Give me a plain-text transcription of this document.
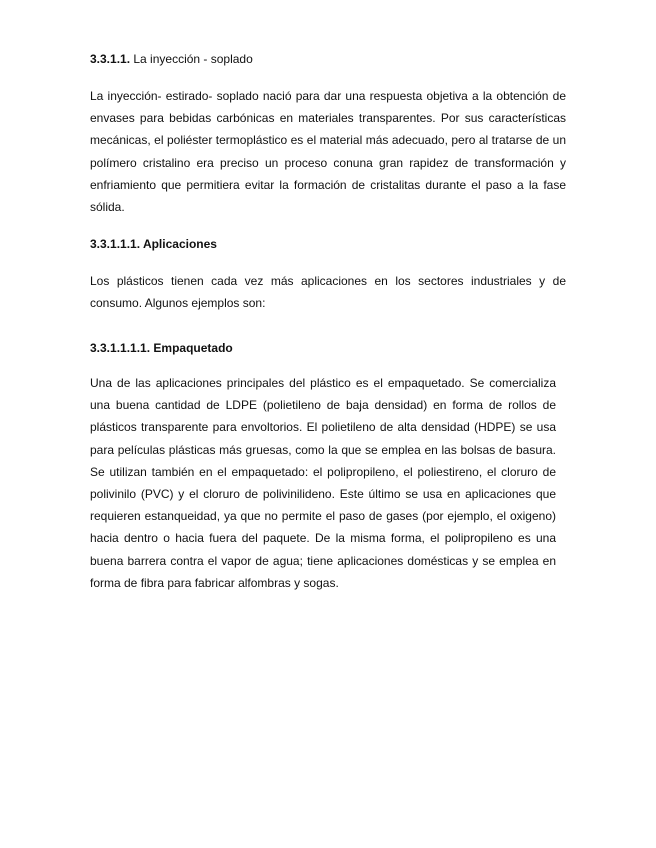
3.3.1.1. La inyección - soplado

La inyección- estirado- soplado nació para dar una respuesta objetiva a la obtención de envases para bebidas carbónicas en materiales transparentes. Por sus características mecánicas, el poliéster termoplástico es el material más adecuado, pero al tratarse de un polímero cristalino era preciso un proceso conuna gran rapidez de transformación y enfriamiento que permitiera evitar la formación de cristalitas durante el paso a la fase sólida.

3.3.1.1.1. Aplicaciones

Los plásticos tienen cada vez más aplicaciones en los sectores industriales y de consumo. Algunos ejemplos son:

3.3.1.1.1.1. Empaquetado

Una de las aplicaciones principales del plástico es el empaquetado. Se comercializa una buena cantidad de LDPE (polietileno de baja densidad) en forma de rollos de plásticos transparente para envoltorios. El polietileno de alta densidad (HDPE) se usa para películas plásticas más gruesas, como la que se emplea en las bolsas de basura. Se utilizan también en el empaquetado: el polipropileno, el poliestireno, el cloruro de polivinilo (PVC) y el cloruro de polivinilideno. Este último se usa en aplicaciones que requieren estanqueidad, ya que no permite el paso de gases (por ejemplo, el oxigeno) hacia dentro o hacia fuera del paquete. De la misma forma, el polipropileno es una buena barrera contra el vapor de agua; tiene aplicaciones domésticas y se emplea en forma de fibra para fabricar alfombras y sogas.
